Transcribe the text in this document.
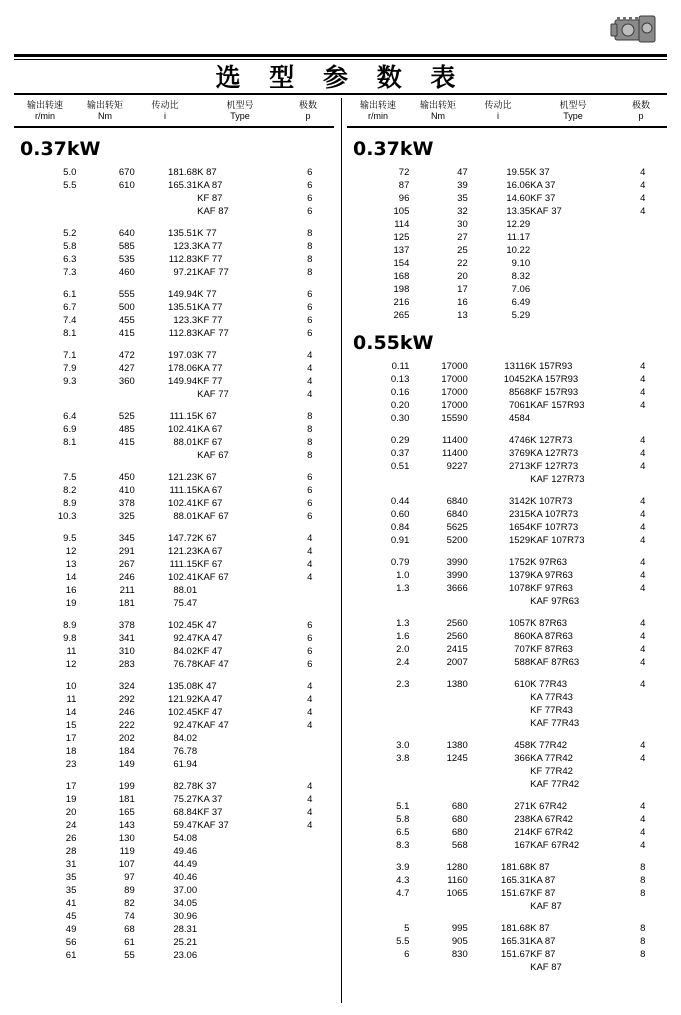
选 型 参 数 表
输出转速
r/min
输出转矩
Nm
传动比
i
机型号
Type
极数
p
0.37kW
5.0	670	181.68	K 87	6
5.5	610	165.31	KA 87	6
			KF 87	6
			KAF 87	6

5.2	640	135.51	K 77	8
5.8	585	123.3	KA 77	8
6.3	535	112.83	KF 77	8
7.3	460	97.21	KAF 77	8

6.1	555	149.94	K 77	6
6.7	500	135.51	KA 77	6
7.4	455	123.3	KF 77	6
8.1	415	112.83	KAF 77	6

7.1	472	197.03	K 77	4
7.9	427	178.06	KA 77	4
9.3	360	149.94	KF 77	4
			KAF 77	4

6.4	525	111.15	K 67	8
6.9	485	102.41	KA 67	8
8.1	415	88.01	KF 67	8
			KAF 67	8

7.5	450	121.23	K 67	6
8.2	410	111.15	KA 67	6
8.9	378	102.41	KF 67	6
10.3	325	88.01	KAF 67	6

9.5	345	147.72	K 67	4
12	291	121.23	KA 67	4
13	267	111.15	KF 67	4
14	246	102.41	KAF 67	4
16	211	88.01		
19	181	75.47		

8.9	378	102.45	K 47	6
9.8	341	92.47	KA 47	6
11	310	84.02	KF 47	6
12	283	76.78	KAF 47	6

10	324	135.08	K 47	4
11	292	121.92	KA 47	4
14	246	102.45	KF 47	4
15	222	92.47	KAF 47	4
17	202	84.02		
18	184	76.78		
23	149	61.94		

17	199	82.78	K 37	4
19	181	75.27	KA 37	4
20	165	68.84	KF 37	4
24	143	59.47	KAF 37	4
26	130	54.08		
28	119	49.46		
31	107	44.49		
35	97	40.46		
35	89	37.00		
41	82	34.05		
45	74	30.96		
49	68	28.31		
56	61	25.21		
61	55	23.06		
输出转速
r/min
输出转矩
Nm
传动比
i
机型号
Type
极数
p
0.37kW
72	47	19.55	K 37	4
87	39	16.06	KA 37	4
96	35	14.60	KF 37	4
105	32	13.35	KAF 37	4
114	30	12.29		
125	27	11.17		
137	25	10.22		
154	22	9.10		
168	20	8.32		
198	17	7.06		
216	16	6.49		
265	13	5.29		
0.55kW
0.11	17000	13116	K 157R93	4
0.13	17000	10452	KA 157R93	4
0.16	17000	8568	KF 157R93	4
0.20	17000	7061	KAF 157R93	4
0.30	15590	4584		

0.29	11400	4746	K 127R73	4
0.37	11400	3769	KA 127R73	4
0.51	9227	2713	KF 127R73	4
			KAF 127R73	

0.44	6840	3142	K 107R73	4
0.60	6840	2315	KA 107R73	4
0.84	5625	1654	KF 107R73	4
0.91	5200	1529	KAF 107R73	4

0.79	3990	1752	K 97R63	4
1.0	3990	1379	KA 97R63	4
1.3	3666	1078	KF 97R63	4
			KAF 97R63	

1.3	2560	1057	K 87R63	4
1.6	2560	860	KA 87R63	4
2.0	2415	707	KF 87R63	4
2.4	2007	588	KAF 87R63	4

2.3	1380	610	K 77R43	4
			KA 77R43	
			KF 77R43	
			KAF 77R43	

3.0	1380	458	K 77R42	4
3.8	1245	366	KA 77R42	4
			KF 77R42	
			KAF 77R42	

5.1	680	271	K 67R42	4
5.8	680	238	KA 67R42	4
6.5	680	214	KF 67R42	4
8.3	568	167	KAF 67R42	4

3.9	1280	181.68	K 87	8
4.3	1160	165.31	KA 87	8
4.7	1065	151.67	KF 87	8
			KAF 87	

5	995	181.68	K 87	8
5.5	905	165.31	KA 87	8
6	830	151.67	KF 87	8
			KAF 87	
